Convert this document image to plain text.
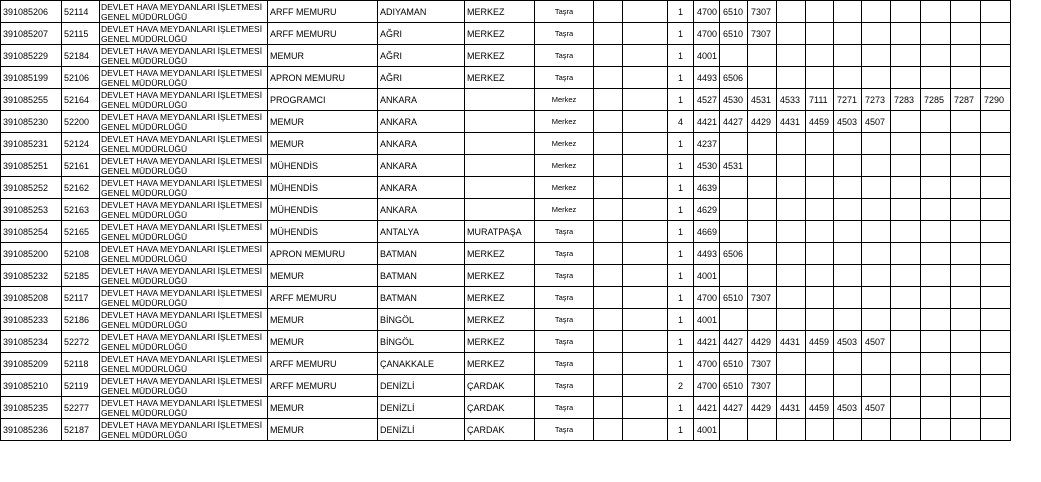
391085206	52114	DEVLET HAVA MEYDANLARI İŞLETMESİ
GENEL MÜDÜRLÜĞÜ	ARFF MEMURU	ADIYAMAN	MERKEZ	Taşra			1	4700	6510	7307								
391085207	52115	DEVLET HAVA MEYDANLARI İŞLETMESİ
GENEL MÜDÜRLÜĞÜ	ARFF MEMURU	AĞRI	MERKEZ	Taşra			1	4700	6510	7307								
391085229	52184	DEVLET HAVA MEYDANLARI İŞLETMESİ
GENEL MÜDÜRLÜĞÜ	MEMUR	AĞRI	MERKEZ	Taşra			1	4001										
391085199	52106	DEVLET HAVA MEYDANLARI İŞLETMESİ
GENEL MÜDÜRLÜĞÜ	APRON MEMURU	AĞRI	MERKEZ	Taşra			1	4493	6506									
391085255	52164	DEVLET HAVA MEYDANLARI İŞLETMESİ
GENEL MÜDÜRLÜĞÜ	PROGRAMCI	ANKARA		Merkez			1	4527	4530	4531	4533	7111	7271	7273	7283	7285	7287	7290
391085230	52200	DEVLET HAVA MEYDANLARI İŞLETMESİ
GENEL MÜDÜRLÜĞÜ	MEMUR	ANKARA		Merkez			4	4421	4427	4429	4431	4459	4503	4507				
391085231	52124	DEVLET HAVA MEYDANLARI İŞLETMESİ
GENEL MÜDÜRLÜĞÜ	MEMUR	ANKARA		Merkez			1	4237										
391085251	52161	DEVLET HAVA MEYDANLARI İŞLETMESİ
GENEL MÜDÜRLÜĞÜ	MÜHENDİS	ANKARA		Merkez			1	4530	4531									
391085252	52162	DEVLET HAVA MEYDANLARI İŞLETMESİ
GENEL MÜDÜRLÜĞÜ	MÜHENDİS	ANKARA		Merkez			1	4639										
391085253	52163	DEVLET HAVA MEYDANLARI İŞLETMESİ
GENEL MÜDÜRLÜĞÜ	MÜHENDİS	ANKARA		Merkez			1	4629										
391085254	52165	DEVLET HAVA MEYDANLARI İŞLETMESİ
GENEL MÜDÜRLÜĞÜ	MÜHENDİS	ANTALYA	MURATPAŞA	Taşra			1	4669										
391085200	52108	DEVLET HAVA MEYDANLARI İŞLETMESİ
GENEL MÜDÜRLÜĞÜ	APRON MEMURU	BATMAN	MERKEZ	Taşra			1	4493	6506									
391085232	52185	DEVLET HAVA MEYDANLARI İŞLETMESİ
GENEL MÜDÜRLÜĞÜ	MEMUR	BATMAN	MERKEZ	Taşra			1	4001										
391085208	52117	DEVLET HAVA MEYDANLARI İŞLETMESİ
GENEL MÜDÜRLÜĞÜ	ARFF MEMURU	BATMAN	MERKEZ	Taşra			1	4700	6510	7307								
391085233	52186	DEVLET HAVA MEYDANLARI İŞLETMESİ
GENEL MÜDÜRLÜĞÜ	MEMUR	BİNGÖL	MERKEZ	Taşra			1	4001										
391085234	52272	DEVLET HAVA MEYDANLARI İŞLETMESİ
GENEL MÜDÜRLÜĞÜ	MEMUR	BİNGÖL	MERKEZ	Taşra			1	4421	4427	4429	4431	4459	4503	4507				
391085209	52118	DEVLET HAVA MEYDANLARI İŞLETMESİ
GENEL MÜDÜRLÜĞÜ	ARFF MEMURU	ÇANAKKALE	MERKEZ	Taşra			1	4700	6510	7307								
391085210	52119	DEVLET HAVA MEYDANLARI İŞLETMESİ
GENEL MÜDÜRLÜĞÜ	ARFF MEMURU	DENİZLİ	ÇARDAK	Taşra			2	4700	6510	7307								
391085235	52277	DEVLET HAVA MEYDANLARI İŞLETMESİ
GENEL MÜDÜRLÜĞÜ	MEMUR	DENİZLİ	ÇARDAK	Taşra			1	4421	4427	4429	4431	4459	4503	4507				
391085236	52187	DEVLET HAVA MEYDANLARI İŞLETMESİ
GENEL MÜDÜRLÜĞÜ	MEMUR	DENİZLİ	ÇARDAK	Taşra			1	4001										
